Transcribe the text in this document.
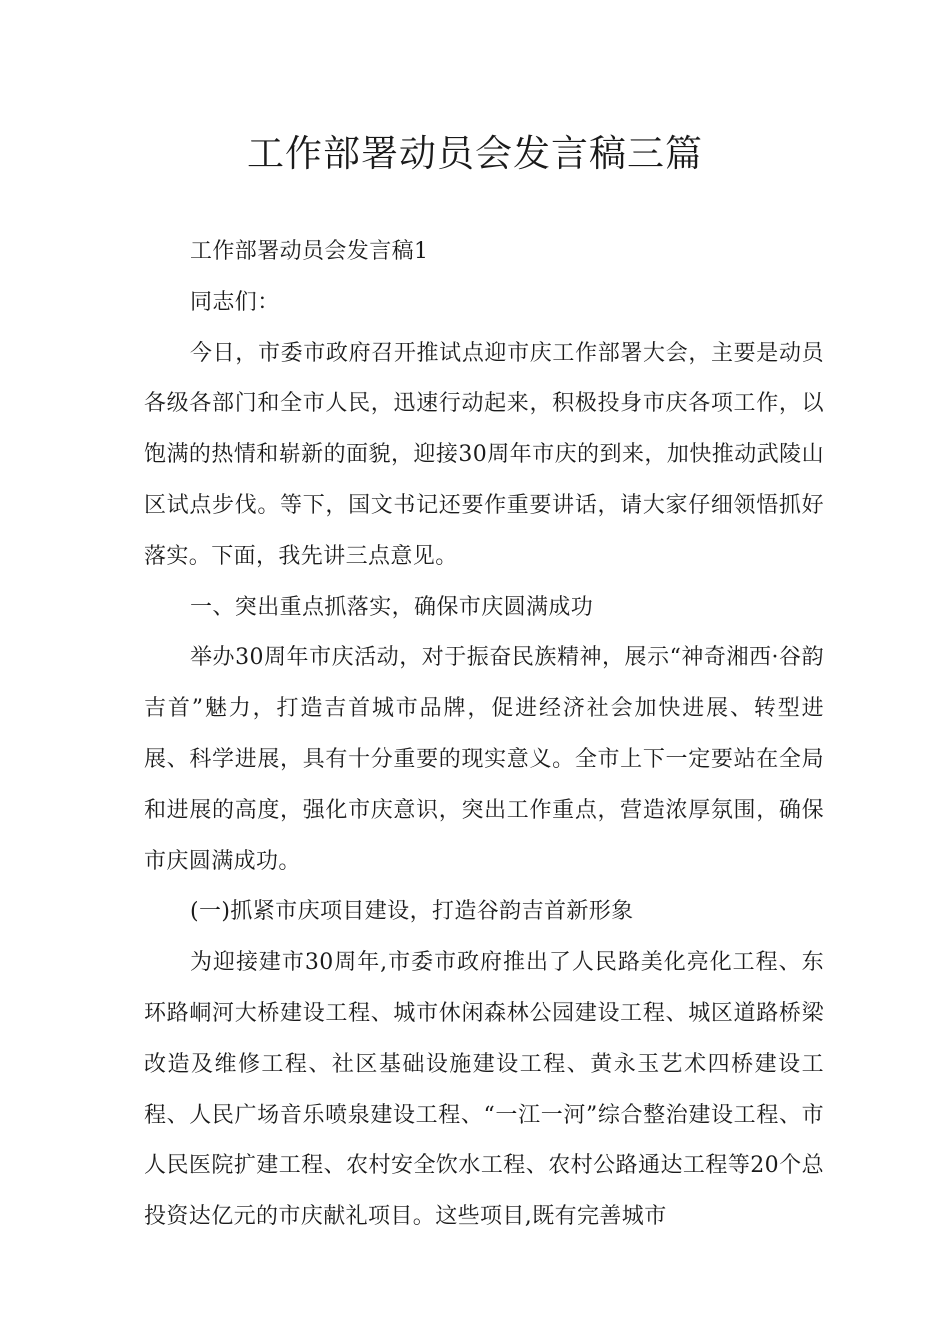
工作部署动员会发言稿三篇

工作部署动员会发言稿1

同志们：

今日，市委市政府召开推试点迎市庆工作部署大会，主要是动员各级各部门和全市人民，迅速行动起来，积极投身市庆各项工作，以饱满的热情和崭新的面貌，迎接30周年市庆的到来，加快推动武陵山区试点步伐。等下，国文书记还要作重要讲话，请大家仔细领悟抓好落实。下面，我先讲三点意见。

一、突出重点抓落实，确保市庆圆满成功

举办30周年市庆活动，对于振奋民族精神，展示“神奇湘西·谷韵吉首”魅力，打造吉首城市品牌，促进经济社会加快进展、转型进展、科学进展，具有十分重要的现实意义。全市上下一定要站在全局和进展的高度，强化市庆意识，突出工作重点，营造浓厚氛围，确保市庆圆满成功。

(一)抓紧市庆项目建设，打造谷韵吉首新形象

为迎接建市30周年,市委市政府推出了人民路美化亮化工程、东环路峒河大桥建设工程、城市休闲森林公园建设工程、城区道路桥梁改造及维修工程、社区基础设施建设工程、黄永玉艺术四桥建设工程、人民广场音乐喷泉建设工程、“一江一河”综合整治建设工程、市人民医院扩建工程、农村安全饮水工程、农村公路通达工程等20个总投资达亿元的市庆献礼项目。这些项目,既有完善城市
